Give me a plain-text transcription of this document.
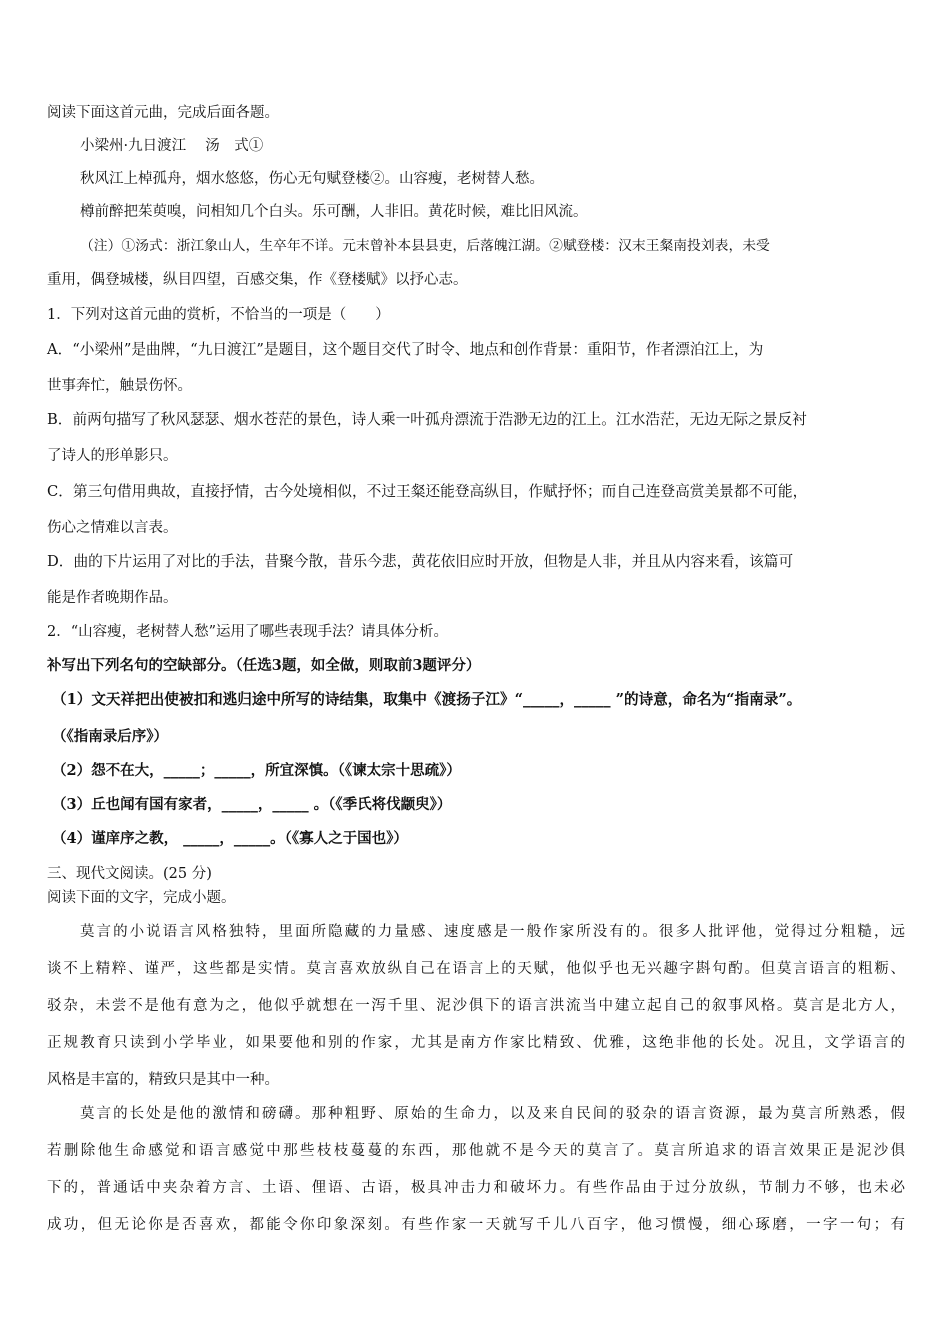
阅读下面这首元曲，完成后面各题。
小梁州·九日渡江　 汤　式①
秋风江上棹孤舟，烟水悠悠，伤心无句赋登楼②。山容瘦，老树替人愁。
樽前醉把茱萸嗅，问相知几个白头。乐可酬，人非旧。黄花时候，难比旧风流。
（注）①汤式：浙江象山人，生卒年不详。元末曾补本县县吏，后落魄江湖。②赋登楼：汉末王粲南投刘表，未受
重用，偶登城楼，纵目四望，百感交集，作《登楼赋》以抒心志。
1．下列对这首元曲的赏析，不恰当的一项是（　　）
A．“小梁州”是曲牌，“九日渡江”是题目，这个题目交代了时令、地点和创作背景：重阳节，作者漂泊江上，为
世事奔忙，触景伤怀。
B．前两句描写了秋风瑟瑟、烟水苍茫的景色，诗人乘一叶孤舟漂流于浩渺无边的江上。江水浩茫，无边无际之景反衬
了诗人的形单影只。
C．第三句借用典故，直接抒情，古今处境相似，不过王粲还能登高纵目，作赋抒怀；而自己连登高赏美景都不可能，
伤心之情难以言表。
D．曲的下片运用了对比的手法，昔聚今散，昔乐今悲，黄花依旧应时开放，但物是人非，并且从内容来看，该篇可
能是作者晚期作品。
2．“山容瘦，老树替人愁”运用了哪些表现手法？请具体分析。
补写出下列名句的空缺部分。（任选3题，如全做，则取前3题评分）
（1）文天祥把出使被扣和逃归途中所写的诗结集，取集中《渡扬子江》“_____，_____ ”的诗意，命名为“指南录”。
（《指南录后序》）
（2）怨不在大，_____；_____，所宜深慎。（《谏太宗十思疏》）
（3）丘也闻有国有家者，_____，_____ 。（《季氏将伐颛臾》）
（4）谨庠序之教， _____，_____。（《寡人之于国也》）
三、现代文阅读。(25 分)
阅读下面的文字，完成小题。
莫言的小说语言风格独特，里面所隐藏的力量感、速度感是一般作家所没有的。很多人批评他，觉得过分粗糙，远
谈不上精粹、谨严，这些都是实情。莫言喜欢放纵自己在语言上的天赋，他似乎也无兴趣字斟句酌。但莫言语言的粗粝、
驳杂，未尝不是他有意为之，他似乎就想在一泻千里、泥沙俱下的语言洪流当中建立起自己的叙事风格。莫言是北方人，
正规教育只读到小学毕业，如果要他和别的作家，尤其是南方作家比精致、优雅，这绝非他的长处。况且，文学语言的
风格是丰富的，精致只是其中一种。
莫言的长处是他的激情和磅礴。那种粗野、原始的生命力，以及来自民间的驳杂的语言资源，最为莫言所熟悉，假
若删除他生命感觉和语言感觉中那些枝枝蔓蔓的东西，那他就不是今天的莫言了。莫言所追求的语言效果正是泥沙俱
下的，普通话中夹杂着方言、土语、俚语、古语，极具冲击力和破坏力。有些作品由于过分放纵，节制力不够，也未必
成功，但无论你是否喜欢，都能令你印象深刻。有些作家一天就写千儿八百字，他习惯慢，细心琢磨，一字一句；有
